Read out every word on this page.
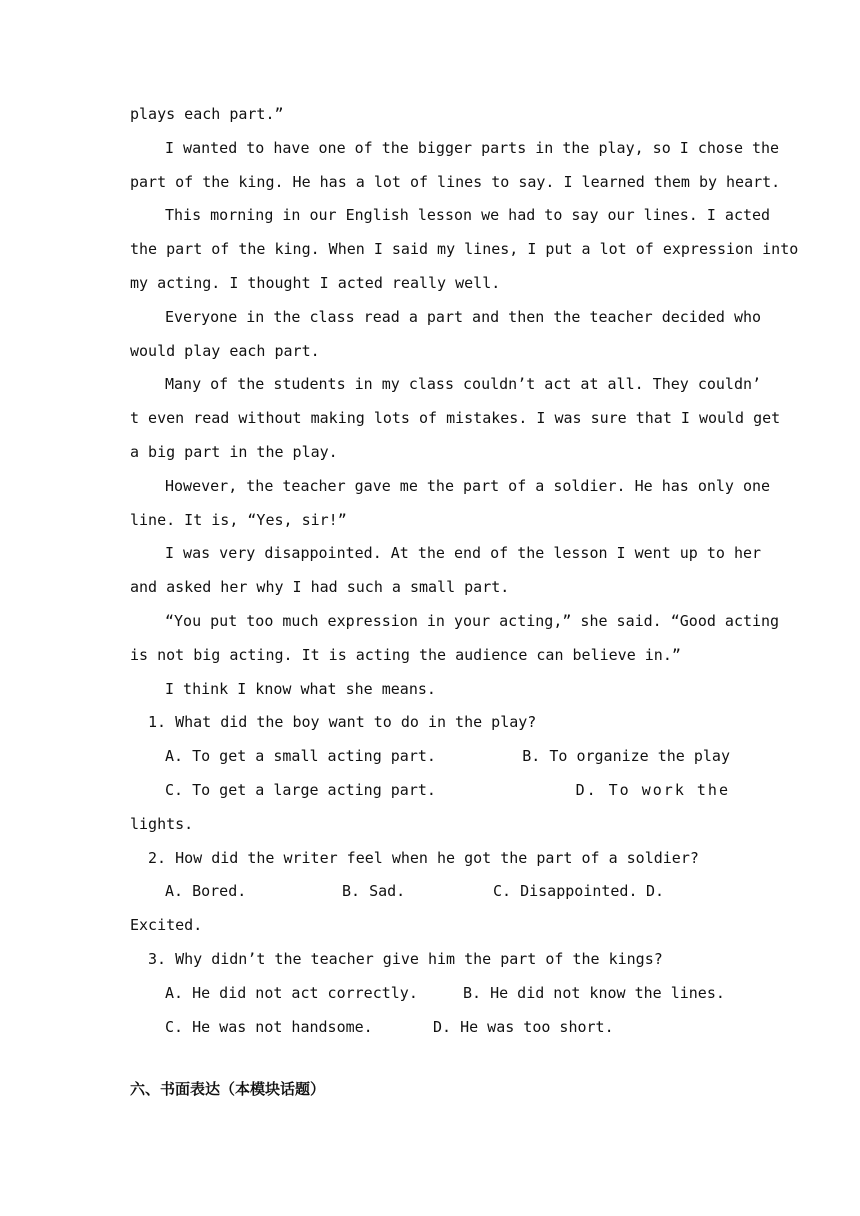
plays each part.”
I wanted to have one of the bigger parts in the play, so I chose the
part of the king. He has a lot of lines to say. I learned them by heart.
This morning in our English lesson we had to say our lines. I acted
the part of the king. When I said my lines, I put a lot of expression into
my acting. I thought I acted really well.
Everyone in the class read a part and then the teacher decided who
would play each part.
Many of the students in my class couldn’t act at all. They couldn’
t even read without making lots of mistakes. I was sure that I would get
a big part in the play.
However, the teacher gave me the part of a soldier. He has only one
line. It is, “Yes, sir!”
I was very disappointed. At the end of the lesson I went up to her
and asked her why I had such a small part.
“You put too much expression in your acting,” she said. “Good acting
is not big acting. It is acting the audience can believe in.”
I think I know what she means.
1. What did the boy want to do in the play?
A. To get a small acting part.	B. To organize the play
C. To get a large acting part.	D. To work the
lights.
2. How did the writer feel when he got the part of a soldier?
A. Bored.	B. Sad.	C. Disappointed. D.
Excited.
3. Why didn’t the teacher give him the part of the kings?
A. He did not act correctly.	B. He did not know the lines.
C. He was not handsome.	D. He was too short.
六、书面表达（本模块话题）
